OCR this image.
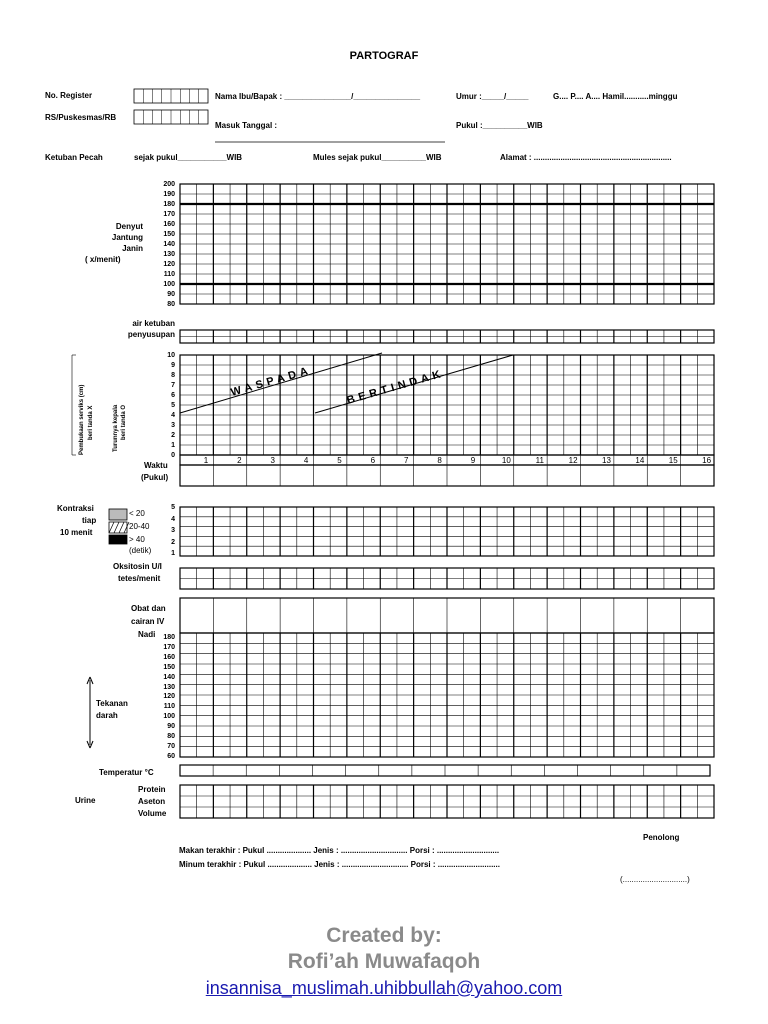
PARTOGRAF
No. Register
RS/Puskesmas/RB
Nama Ibu/Bapak : _______________/_______________	Umur :_____/_____	G.... P.... A.... Hamil...........minggu
Masuk Tanggal :	Pukul :__________WIB
Ketuban Pecah	sejak pukul___________WIB	Mules sejak pukul__________WIB	Alamat : ..............................................................
Denyut
Jantung
Janin
( x/menit)
air ketuban
penyusupan
Waktu
(Pukul)
Kontraksi
tiap
10 menit
< 20
20-40
> 40
(detik)
Oksitosin U/I
tetes/menit
Obat dan
cairan IV
Nadi
Tekanan
darah
Temperatur °C
Urine
Protein
Aseton
Volume
Penolong
Makan terakhir : Pukul .................... Jenis : .............................. Porsi : ............................
Minum terakhir : Pukul .................... Jenis : .............................. Porsi : ............................
(.............................)
Pembukaan serviks (cm) beri tanda X	Turunnya kepala beri tanda O
WASPADA	BERTINDAK
200
190
180
170
160
150
140
130
120
110
100
90
80
10
9
8
7
6
5
4
3
2
1
0
5
4
3
2
1
180
170
160
150
140
130
120
110
100
90
80
70
60
1	2	3	4	5	6	7	8	9	10	11	12	13	14	15	16
Created by:
Rofi’ah Muwafaqoh
insannisa_muslimah.uhibbullah@yahoo.com
